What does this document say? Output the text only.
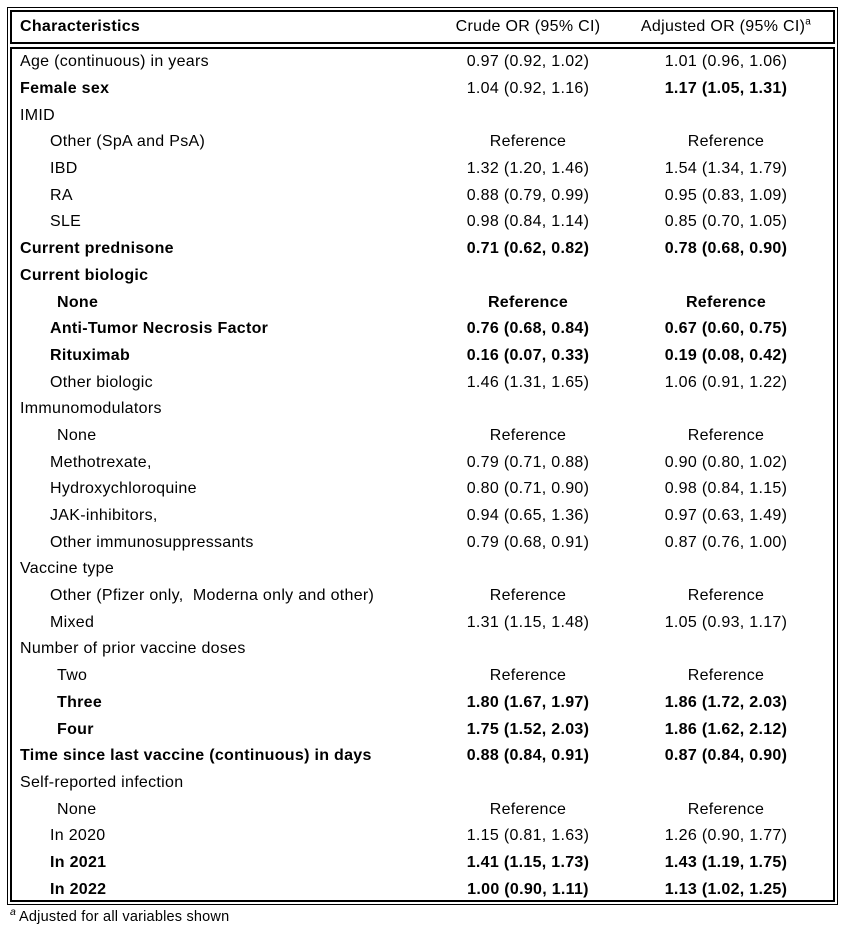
Characteristics	Crude OR (95% CI)	Adjusted OR (95% CI)$^a$
Age (continuous) in years	0.97 (0.92, 1.02)	1.01 (0.96, 1.06)
Female sex	1.04 (0.92, 1.16)	1.17 (1.05, 1.31)
IMID
Other (SpA and PsA)	Reference	Reference
IBD	1.32 (1.20, 1.46)	1.54 (1.34, 1.79)
RA	0.88 (0.79, 0.99)	0.95 (0.83, 1.09)
SLE	0.98 (0.84, 1.14)	0.85 (0.70, 1.05)
Current prednisone	0.71 (0.62, 0.82)	0.78 (0.68, 0.90)
Current biologic
None	Reference	Reference
Anti-Tumor Necrosis Factor	0.76 (0.68, 0.84)	0.67 (0.60, 0.75)
Rituximab	0.16 (0.07, 0.33)	0.19 (0.08, 0.42)
Other biologic	1.46 (1.31, 1.65)	1.06 (0.91, 1.22)
Immunomodulators
None	Reference	Reference
Methotrexate,	0.79 (0.71, 0.88)	0.90 (0.80, 1.02)
Hydroxychloroquine	0.80 (0.71, 0.90)	0.98 (0.84, 1.15)
JAK-inhibitors,	0.94 (0.65, 1.36)	0.97 (0.63, 1.49)
Other immunosuppressants	0.79 (0.68, 0.91)	0.87 (0.76, 1.00)
Vaccine type
Other (Pfizer only,  Moderna only and other)	Reference	Reference
Mixed	1.31 (1.15, 1.48)	1.05 (0.93, 1.17)
Number of prior vaccine doses
Two	Reference	Reference
Three	1.80 (1.67, 1.97)	1.86 (1.72, 2.03)
Four	1.75 (1.52, 2.03)	1.86 (1.62, 2.12)
Time since last vaccine (continuous) in days	0.88 (0.84, 0.91)	0.87 (0.84, 0.90)
Self-reported infection
None	Reference	Reference
In 2020	1.15 (0.81, 1.63)	1.26 (0.90, 1.77)
In 2021	1.41 (1.15, 1.73)	1.43 (1.19, 1.75)
In 2022	1.00 (0.90, 1.11)	1.13 (1.02, 1.25)
$^a$ Adjusted for all variables shown
